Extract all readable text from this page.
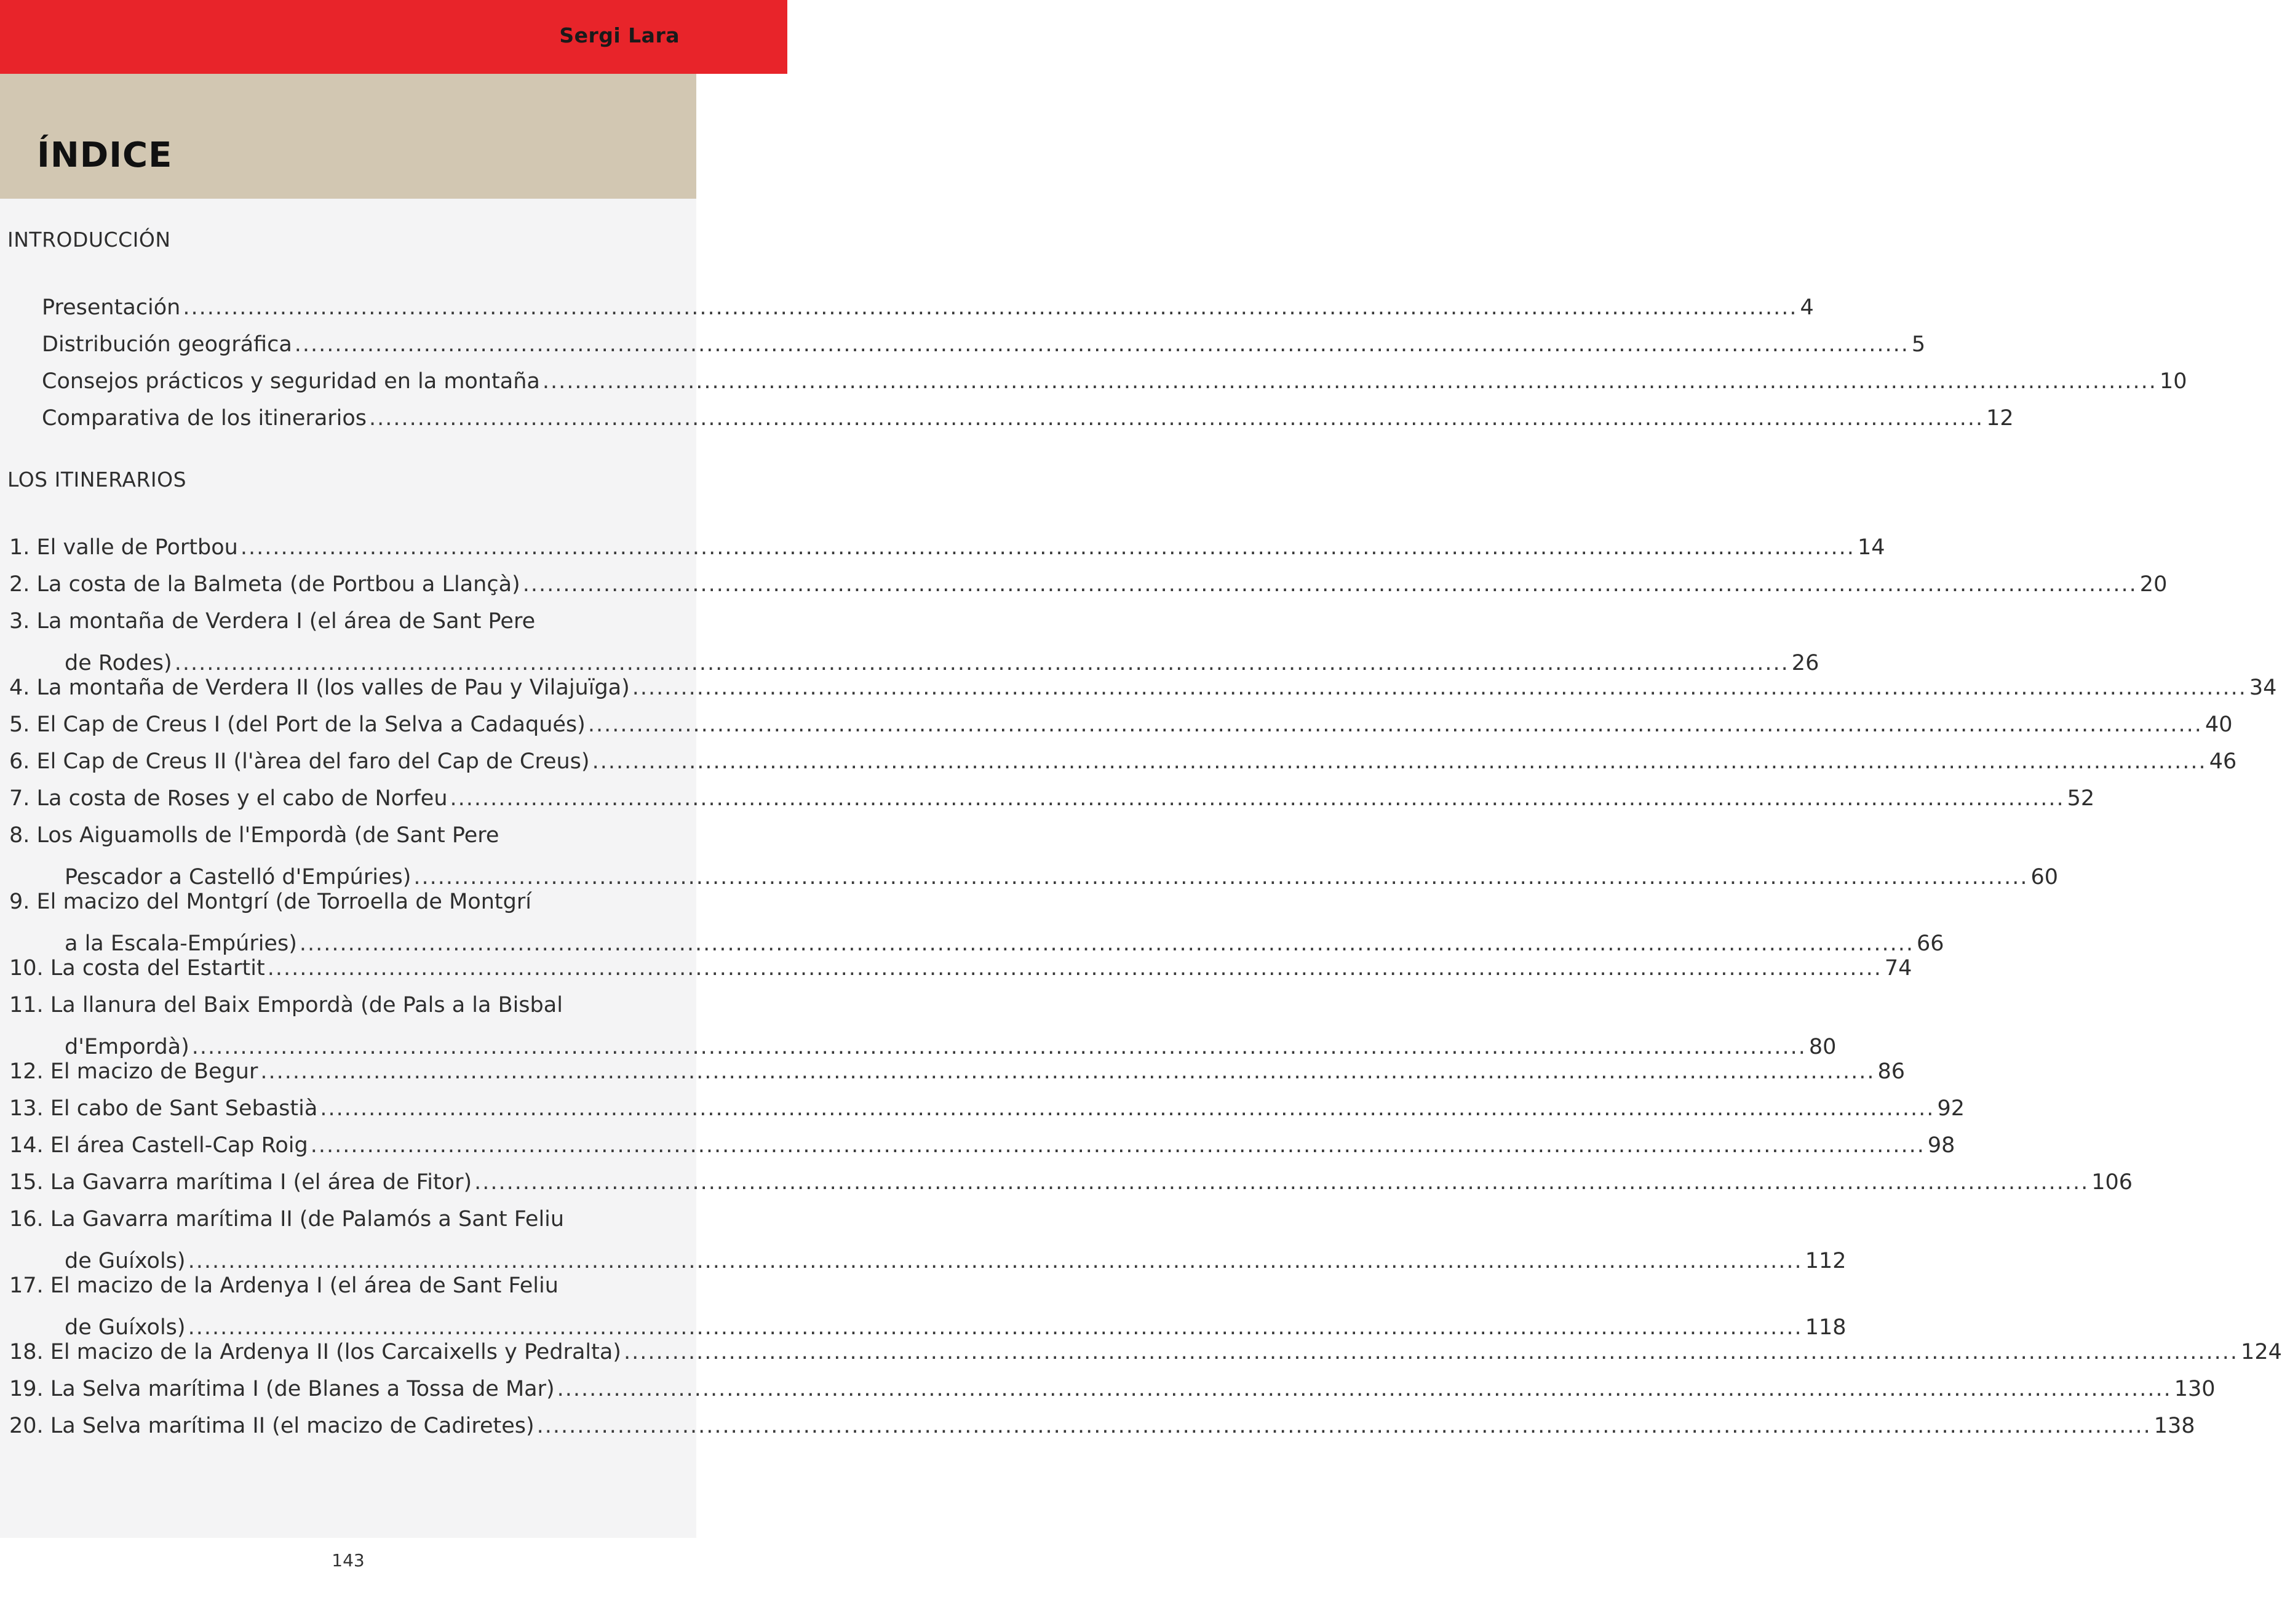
Sergi Lara
ÍNDICE
INTRODUCCIÓN
Presentación ........................................................................................................................................................................................................ 4
Distribución geográfica ........................................................................................................................................................................................................ 5
Consejos prácticos y seguridad en la montaña ........................................................................................................................................................................................................ 10
Comparativa de los itinerarios ........................................................................................................................................................................................................ 12
LOS ITINERARIOS
1. El valle de Portbou ........................................................................................................................................................................................................ 14
2. La costa de la Balmeta (de Portbou a Llançà) ........................................................................................................................................................................................................ 20
3. La montaña de Verdera I (el área de Sant Pere
de Rodes) ........................................................................................................................................................................................................ 26
4. La montaña de Verdera II (los valles de Pau y Vilajuïga) ........................................................................................................................................................................................................ 34
5. El Cap de Creus I (del Port de la Selva a Cadaqués) ........................................................................................................................................................................................................ 40
6. El Cap de Creus II (l'àrea del faro del Cap de Creus) ........................................................................................................................................................................................................ 46
7. La costa de Roses y el cabo de Norfeu ........................................................................................................................................................................................................ 52
8. Los Aiguamolls de l'Empordà (de Sant Pere
Pescador a Castelló d'Empúries) ........................................................................................................................................................................................................ 60
9. El macizo del Montgrí (de Torroella de Montgrí
a la Escala-Empúries) ........................................................................................................................................................................................................ 66
10. La costa del Estartit ........................................................................................................................................................................................................ 74
11. La llanura del Baix Empordà (de Pals a la Bisbal
d'Empordà) ........................................................................................................................................................................................................ 80
12. El macizo de Begur ........................................................................................................................................................................................................ 86
13. El cabo de Sant Sebastià ........................................................................................................................................................................................................ 92
14. El área Castell-Cap Roig ........................................................................................................................................................................................................ 98
15. La Gavarra marítima I (el área de Fitor) ........................................................................................................................................................................................................ 106
16. La Gavarra marítima II (de Palamós a Sant Feliu
de Guíxols) ........................................................................................................................................................................................................ 112
17. El macizo de la Ardenya I (el área de Sant Feliu
de Guíxols) ........................................................................................................................................................................................................ 118
18. El macizo de la Ardenya II (los Carcaixells y Pedralta) ........................................................................................................................................................................................................ 124
19. La Selva marítima I (de Blanes a Tossa de Mar) ........................................................................................................................................................................................................ 130
20. La Selva marítima II (el macizo de Cadiretes) ........................................................................................................................................................................................................ 138
143
